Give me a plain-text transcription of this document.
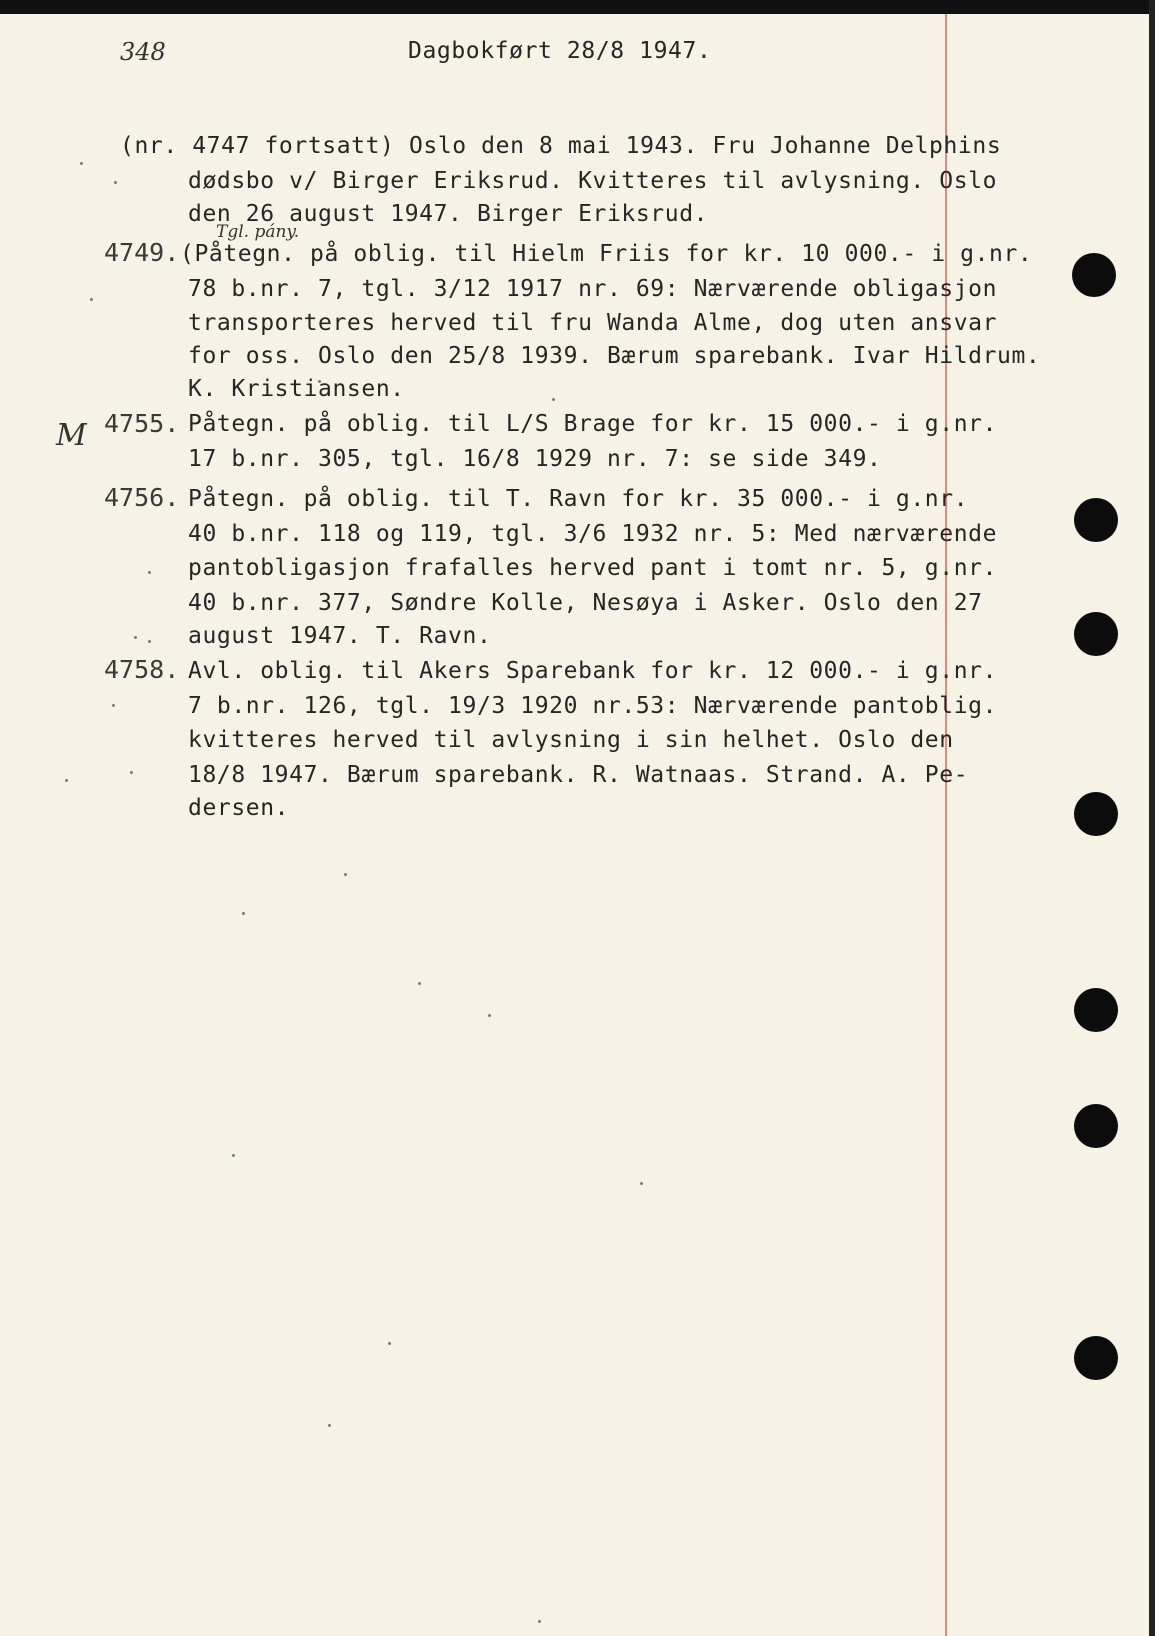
348	Dagbokført 28/8 1947.
(nr. 4747 fortsatt) Oslo den 8 mai 1943. Fru Johanne Delphins
dødsbo v/ Birger Eriksrud. Kvitteres til avlysning. Oslo
den 26 august 1947. Birger Eriksrud.
Tgl. pány.
4749. (Påtegn. på oblig. til Hielm Friis for kr. 10 000.- i g.nr.
78 b.nr. 7, tgl. 3/12 1917 nr. 69: Nærværende obligasjon
transporteres herved til fru Wanda Alme, dog uten ansvar
for oss. Oslo den 25/8 1939. Bærum sparebank. Ivar Hildrum.
K. Kristiansen.
M 4755. Påtegn. på oblig. til L/S Brage for kr. 15 000.- i g.nr.
17 b.nr. 305, tgl. 16/8 1929 nr. 7: se side 349.
4756. Påtegn. på oblig. til T. Ravn for kr. 35 000.- i g.nr.
40 b.nr. 118 og 119, tgl. 3/6 1932 nr. 5: Med nærværende
pantobligasjon frafalles herved pant i tomt nr. 5, g.nr.
40 b.nr. 377, Søndre Kolle, Nesøya i Asker. Oslo den 27
august 1947. T. Ravn.
4758. Avl. oblig. til Akers Sparebank for kr. 12 000.- i g.nr.
7 b.nr. 126, tgl. 19/3 1920 nr.53: Nærværende pantoblig.
kvitteres herved til avlysning i sin helhet. Oslo den
18/8 1947. Bærum sparebank. R. Watnaas. Strand. A. Pe-
dersen.
